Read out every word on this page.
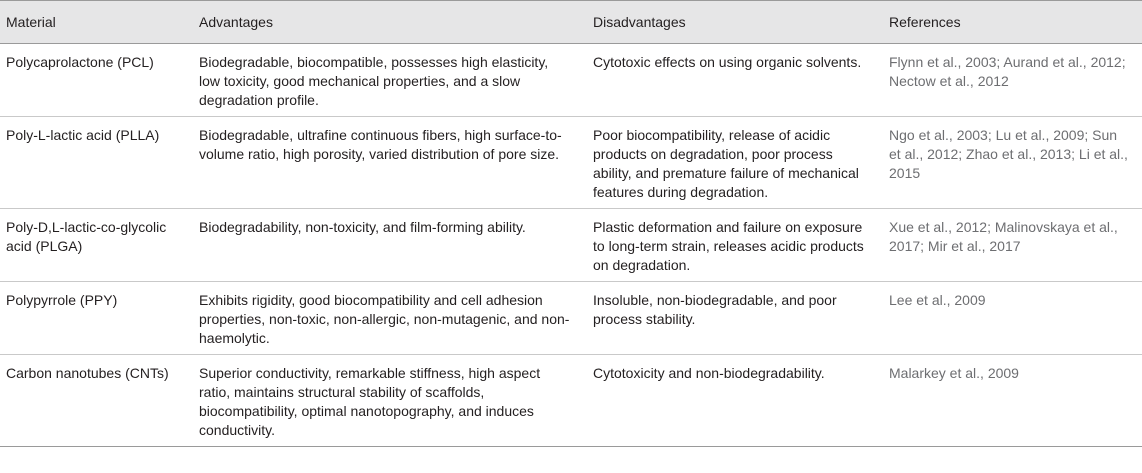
Material	Advantages	Disadvantages	References
Polycaprolactone (PCL)	Biodegradable, biocompatible, possesses high elasticity, low toxicity, good mechanical properties, and a slow degradation profile.	Cytotoxic effects on using organic solvents.	Flynn et al., 2003; Aurand et al., 2012; Nectow et al., 2012
Poly-L-lactic acid (PLLA)	Biodegradable, ultrafine continuous fibers, high surface-to-volume ratio, high porosity, varied distribution of pore size.	Poor biocompatibility, release of acidic products on degradation, poor process ability, and premature failure of mechanical features during degradation.	Ngo et al., 2003; Lu et al., 2009; Sun et al., 2012; Zhao et al., 2013; Li et al., 2015
Poly-D,L-lactic-co-glycolic acid (PLGA)	Biodegradability, non-toxicity, and film-forming ability.	Plastic deformation and failure on exposure to long-term strain, releases acidic products on degradation.	Xue et al., 2012; Malinovskaya et al., 2017; Mir et al., 2017
Polypyrrole (PPY)	Exhibits rigidity, good biocompatibility and cell adhesion properties, non-toxic, non-allergic, non-mutagenic, and non-haemolytic.	Insoluble, non-biodegradable, and poor process stability.	Lee et al., 2009
Carbon nanotubes (CNTs)	Superior conductivity, remarkable stiffness, high aspect ratio, maintains structural stability of scaffolds, biocompatibility, optimal nanotopography, and induces conductivity.	Cytotoxicity and non-biodegradability.	Malarkey et al., 2009
